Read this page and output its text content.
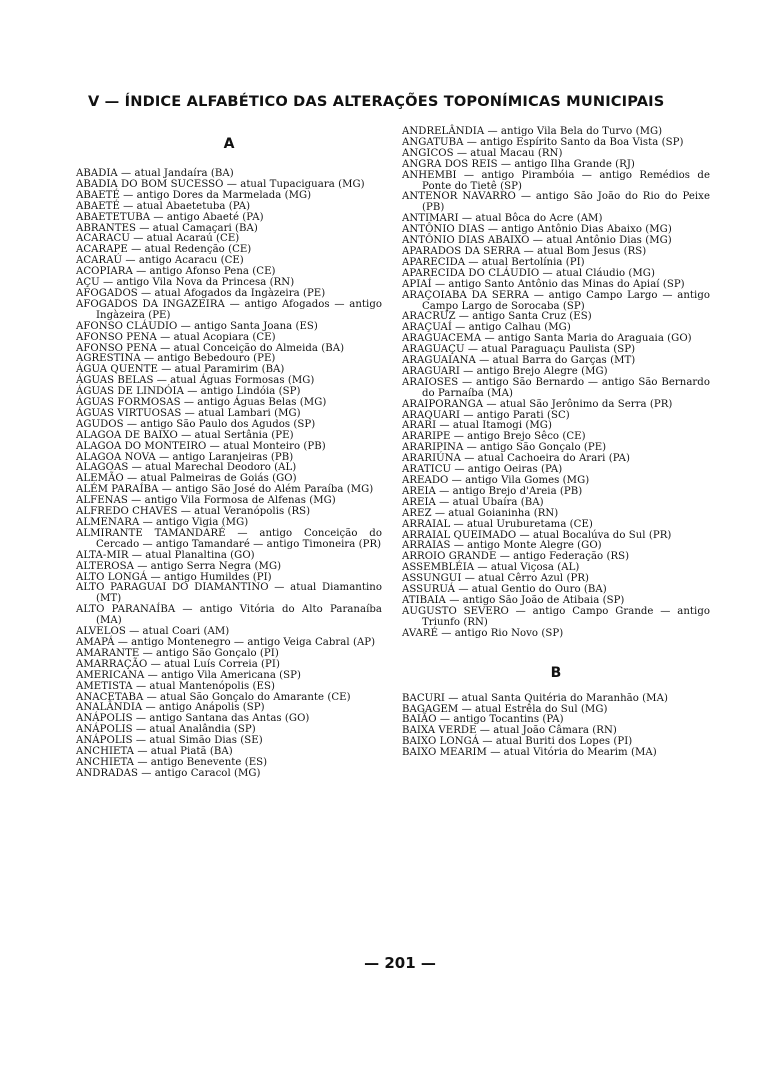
V — ÍNDICE ALFABÉTICO DAS ALTERAÇÕES TOPONÍMICAS MUNICIPAIS
A

ABADIA — atual Jandaíra (BA)

ABADIA DO BOM SUCESSO — atual Tupaciguara (MG)

ABAETÉ — antigo Dores da Marmelada (MG)

ABAETÉ — atual Abaetetuba (PA)

ABAETETUBA — antigo Abaeté (PA)

ABRANTES — atual Camaçari (BA)

ACARACU — atual Acaraú (CE)

ACARAPE — atual Redenção (CE)

ACARAÚ — antigo Acaracu (CE)

ACOPIARA — antigo Afonso Pena (CE)

AÇU — antigo Vila Nova da Princesa (RN)

AFOGADOS — atual Afogados da Ingàzeira (PE)

AFOGADOS DA INGAZEIRA — antigo Afogados — antigo Ingàzeira (PE)

AFONSO CLÁUDIO — antigo Santa Joana (ES)

AFONSO PENA — atual Acopiara (CE)

AFONSO PENA — atual Conceição do Almeida (BA)

AGRESTINA — antigo Bebedouro (PE)

ÁGUA QUENTE — atual Paramirim (BA)

ÁGUAS BELAS — atual Águas Formosas (MG)

ÁGUAS DE LINDÓIA — antigo Lindóia (SP)

ÁGUAS FORMOSAS — antigo Águas Belas (MG)

ÁGUAS VIRTUOSAS — atual Lambari (MG)

AGUDOS — antigo São Paulo dos Agudos (SP)

ALAGOA DE BAIXO — atual Sertânia (PE)

ALAGOA DO MONTEIRO — atual Monteiro (PB)

ALAGOA NOVA — antigo Laranjeiras (PB)

ALAGOAS — atual Marechal Deodoro (AL)

ALEMÃO — atual Palmeiras de Goiás (GO)

ALÉM PARAÍBA — antigo São José do Além Paraíba (MG)

ALFENAS — antigo Vila Formosa de Alfenas (MG)

ALFREDO CHAVES — atual Veranópolis (RS)

ALMENARA — antigo Vigia (MG)

ALMIRANTE TAMANDARÉ — antigo Conceição do Cercado — antigo Tamandaré — antigo Timoneira (PR)

ALTA-MIR — atual Planaltina (GO)

ALTEROSA — antigo Serra Negra (MG)

ALTO LONGÁ — antigo Humildes (PI)

ALTO PARAGUAI DO DIAMANTINO — atual Diamantino (MT)

ALTO PARANAÍBA — antigo Vitória do Alto Paranaíba (MA)

ALVELOS — atual Coari (AM)

AMAPÁ — antigo Montenegro — antigo Veiga Cabral (AP)

AMARANTE — antigo São Gonçalo (PI)

AMARRAÇÃO — atual Luís Correia (PI)

AMERICANA — antigo Vila Americana (SP)

AMETISTA — atual Mantenópolis (ES)

ANACETABA — atual São Gonçalo do Amarante (CE)

ANALÂNDIA — antigo Anápolis (SP)

ANÁPOLIS — antigo Santana das Antas (GO)

ANÁPOLIS — atual Analândia (SP)

ANÁPOLIS — atual Simão Dias (SE)

ANCHIETA — atual Piatã (BA)

ANCHIETA — antigo Benevente (ES)

ANDRADAS — antigo Caracol (MG)

ANDRELÂNDIA — antigo Vila Bela do Turvo (MG)

ANGATUBA — antigo Espírito Santo da Boa Vista (SP)

ANGICOS — atual Macau (RN)

ANGRA DOS REIS — antigo Ilha Grande (RJ)

ANHEMBI — antigo Pirambóia — antigo Remédios de Ponte do Tietê (SP)

ANTENOR NAVARRO — antigo São João do Rio do Peixe (PB)

ANTIMARI — atual Bôca do Acre (AM)

ANTÔNIO DIAS — antigo Antônio Dias Abaixo (MG)

ANTÔNIO DIAS ABAIXO — atual Antônio Dias (MG)

APARADOS DA SERRA — atual Bom Jesus (RS)

APARECIDA — atual Bertolínia (PI)

APARECIDA DO CLÁUDIO — atual Cláudio (MG)

APIAÍ — antigo Santo Antônio das Minas do Apiaí (SP)

ARAÇOIABA DA SERRA — antigo Campo Largo — antigo Campo Largo de Sorocaba (SP)

ARACRUZ — antigo Santa Cruz (ES)

ARAÇUAÍ — antigo Calhau (MG)

ARAGUACEMA — antigo Santa Maria do Araguaia (GO)

ARAGUAÇU — atual Paraguaçu Paulista (SP)

ARAGUAIANA — atual Barra do Garças (MT)

ARAGUARI — antigo Brejo Alegre (MG)

ARAIOSES — antigo São Bernardo — antigo São Bernardo do Parnaíba (MA)

ARAIPORANGA — atual São Jerônimo da Serra (PR)

ARAQUARI — antigo Parati (SC)

ARARI — atual Itamogi (MG)

ARARIPE — antigo Brejo Sêco (CE)

ARARIPINA — antigo São Gonçalo (PE)

ARARIÚNA — atual Cachoeira do Arari (PA)

ARATICU — antigo Oeiras (PA)

AREADO — antigo Vila Gomes (MG)

AREIA — antigo Brejo d'Areia (PB)

AREIA — atual Ubaíra (BA)

AREZ — atual Goianinha (RN)

ARRAIAL — atual Uruburetama (CE)

ARRAIAL QUEIMADO — atual Bocalúva do Sul (PR)

ARRAIAS — antigo Monte Alegre (GO)

ARROIO GRANDE — antigo Federação (RS)

ASSEMBLÉIA — atual Viçosa (AL)

ASSUNGUI — atual Cêrro Azul (PR)

ASSURUÁ — atual Gentio do Ouro (BA)

ATIBAIA — antigo São João de Atibaia (SP)

AUGUSTO SEVERO — antigo Campo Grande — antigo Triunfo (RN)

AVARÉ — antigo Rio Novo (SP)

B

BACURI — atual Santa Quitéria do Maranhão (MA)

BAGAGEM — atual Estrêla do Sul (MG)

BAIÃO — antigo Tocantins (PA)

BAIXA VERDE — atual João Câmara (RN)

BAIXO LONGÁ — atual Buriti dos Lopes (PI)

BAIXO MEARIM — atual Vitória do Mearim (MA)

— 201 —
